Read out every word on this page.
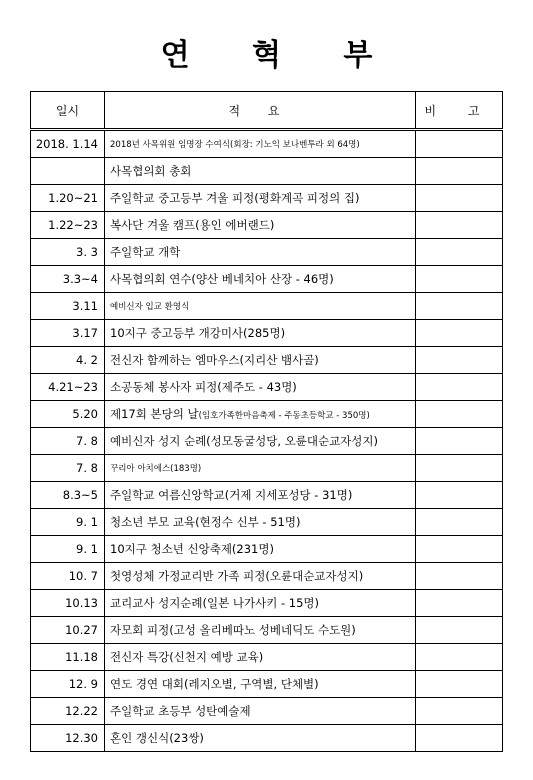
연 혁 부
일시	적 요	비 고
2018. 1.14	2018년 사목위원 임명장 수여식(회장: 기노익 보나벤투라 외 64명)	
	사목협의회 총회	
1.20~21	주일학교 중고등부 겨울 피정(평화계곡 피정의 집)	
1.22~23	복사단 겨울 캠프(용인 에버랜드)	
3. 3	주일학교 개학	
3.3~4	사목협의회 연수(양산 베네치아 산장 - 46명)	
3.11	예비신자 입교 환영식	
3.17	10지구 중고등부 개강미사(285명)	
4. 2	전신자 함께하는 엠마우스(지리산 뱀사골)	
4.21~23	소공동체 봉사자 피정(제주도 - 43명)	
5.20	제17회 본당의 날(임호가족한마음축제 - 주동초등학교 - 350명)	
7. 8	예비신자 성지 순례(성모동굴성당, 오륜대순교자성지)	
7. 8	꾸리아 아치에스(183명)	
8.3~5	주일학교 여름신앙학교(거제 지세포성당 - 31명)	
9. 1	청소년 부모 교육(현정수 신부 - 51명)	
9. 1	10지구 청소년 신앙축제(231명)	
10. 7	첫영성체 가정교리반 가족 피정(오륜대순교자성지)	
10.13	교리교사 성지순례(일본 나가사키 - 15명)	
10.27	자모회 피정(고성 올리베따노 성베네딕도 수도원)	
11.18	전신자 특강(신천지 예방 교육)	
12. 9	연도 경연 대회(레지오별, 구역별, 단체별)	
12.22	주일학교 초등부 성탄예술제	
12.30	혼인 갱신식(23쌍)	
